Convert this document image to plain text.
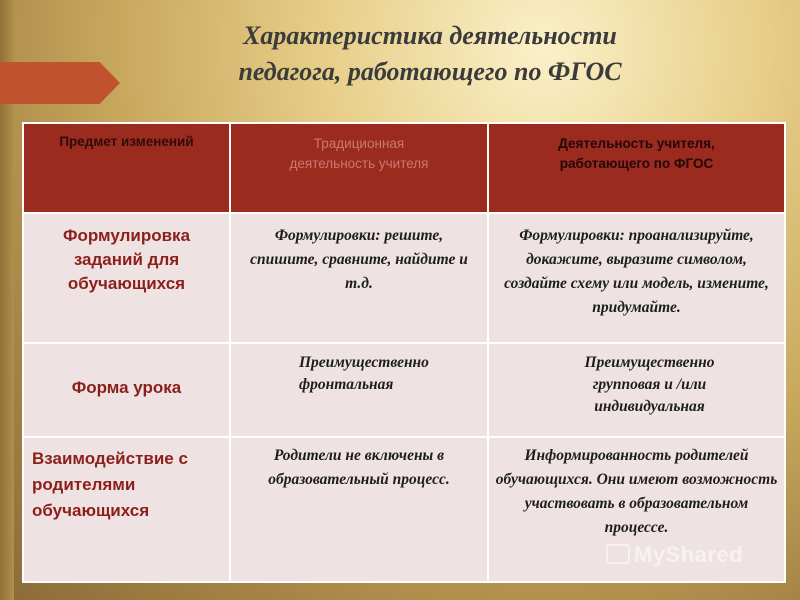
Характеристика деятельности
педагога, работающего по ФГОС
Предмет изменений	Традиционная деятельность учителя	Деятельность учителя, работающего по ФГОС

Формулировка заданий для обучающихся	Формулировки: решите, спишите, сравните, найдите и т.д.	Формулировки: проанализируйте, докажите, выразите символом, создайте схему или модель, измените, придумайте.

Форма урока	Преимущественно фронтальная	Преимущественно групповая и /или индивидуальная

Взаимодействие с родителями обучающихся	Родители не включены в образовательный процесс.	Информированность родителей обучающихся. Они имеют возможность участвовать в образовательном процессе.
MyShared
